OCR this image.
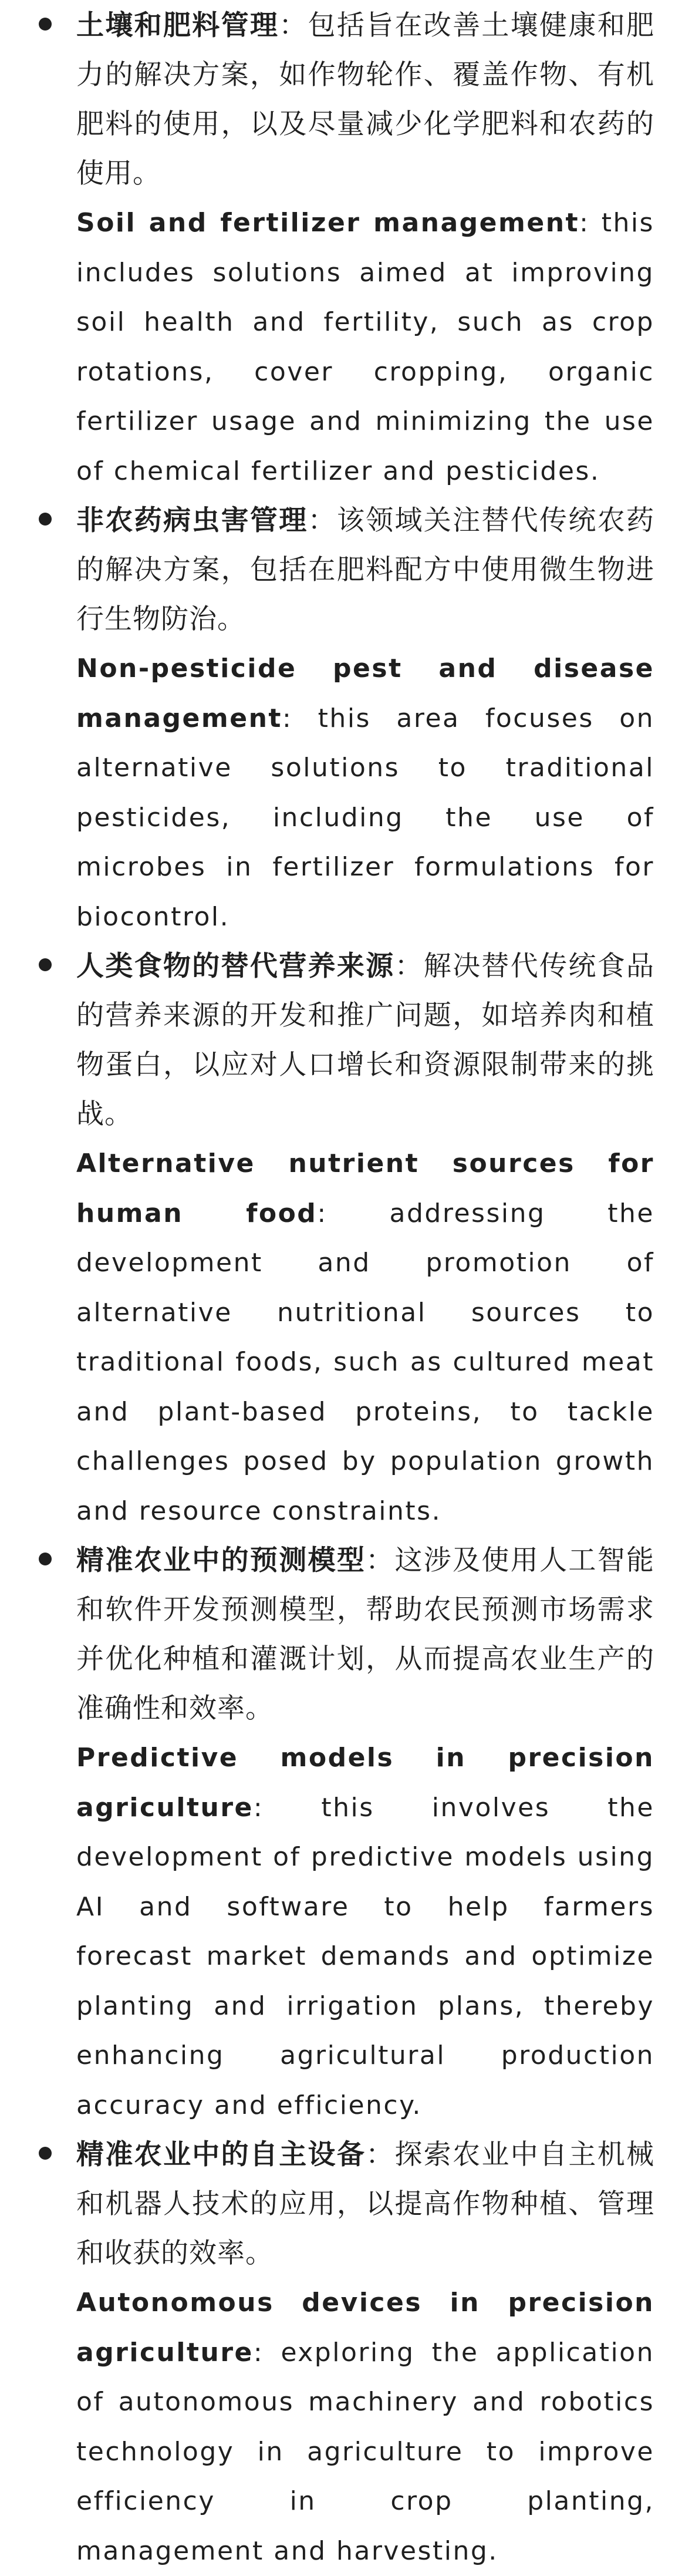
土壤和肥料管理：包括旨在改善土壤健康和肥力的解决方案，如作物轮作、覆盖作物、有机肥料的使用，以及尽量减少化学肥料和农药的使用。

Soil and fertilizer management: this includes solutions aimed at improving soil health and fertility, such as crop rotations, cover cropping, organic fertilizer usage and minimizing the use of chemical fertilizer and pesticides.

非农药病虫害管理：该领域关注替代传统农药的解决方案，包括在肥料配方中使用微生物进行生物防治。

Non-pesticide pest and disease management: this area focuses on alternative solutions to traditional pesticides, including the use of microbes in fertilizer formulations for biocontrol.

人类食物的替代营养来源：解决替代传统食品的营养来源的开发和推广问题，如培养肉和植物蛋白，以应对人口增长和资源限制带来的挑战。

Alternative nutrient sources for human food: addressing the development and promotion of alternative nutritional sources to traditional foods, such as cultured meat and plant-based proteins, to tackle challenges posed by population growth and resource constraints.

精准农业中的预测模型：这涉及使用人工智能和软件开发预测模型，帮助农民预测市场需求并优化种植和灌溉计划，从而提高农业生产的准确性和效率。

Predictive models in precision agriculture: this involves the development of predictive models using AI and software to help farmers forecast market demands and optimize planting and irrigation plans, thereby enhancing agricultural production accuracy and efficiency.

精准农业中的自主设备：探索农业中自主机械和机器人技术的应用，以提高作物种植、管理和收获的效率。

Autonomous devices in precision agriculture: exploring the application of autonomous machinery and robotics technology in agriculture to improve efficiency in crop planting, management and harvesting.
